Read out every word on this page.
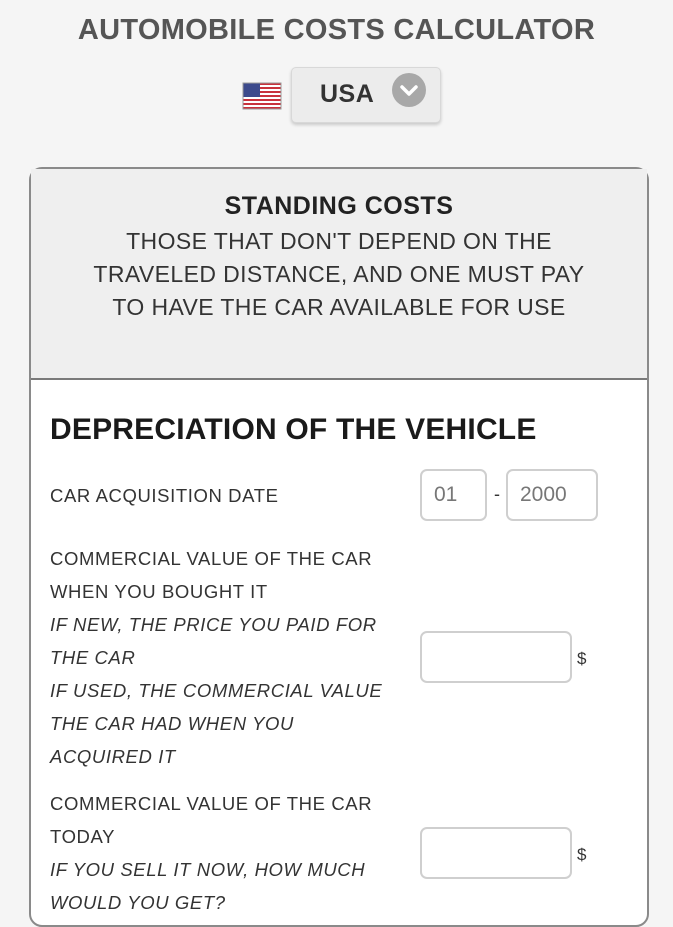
AUTOMOBILE COSTS CALCULATOR
USA
STANDING COSTS
THOSE THAT DON'T DEPEND ON THE TRAVELED DISTANCE, AND ONE MUST PAY TO HAVE THE CAR AVAILABLE FOR USE
DEPRECIATION OF THE VEHICLE
CAR ACQUISITION DATE
01	-
2000
COMMERCIAL VALUE OF THE CAR WHEN YOU BOUGHT IT
IF NEW, THE PRICE YOU PAID FOR THE CAR
IF USED, THE COMMERCIAL VALUE THE CAR HAD WHEN YOU ACQUIRED IT
$
COMMERCIAL VALUE OF THE CAR TODAY
IF YOU SELL IT NOW, HOW MUCH WOULD YOU GET?
$
